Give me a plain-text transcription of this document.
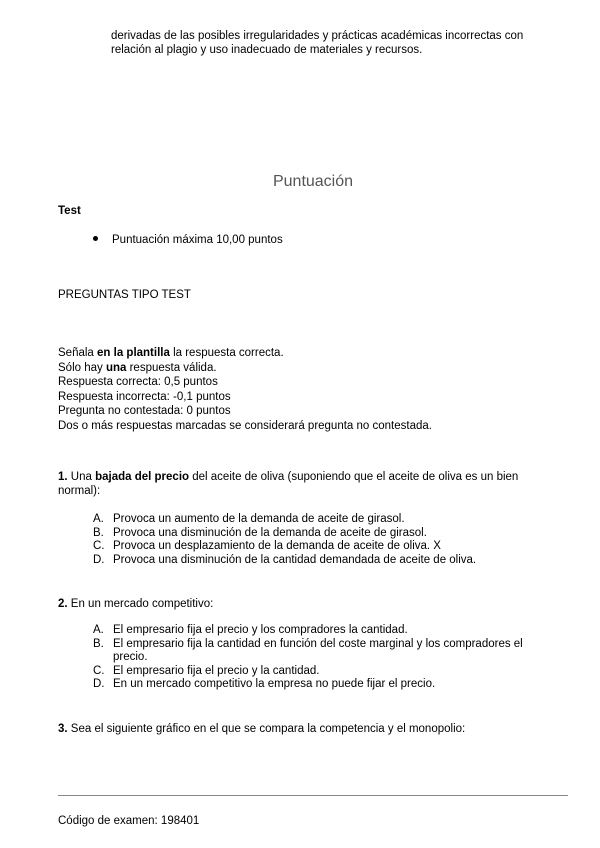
derivadas de las posibles irregularidades y prácticas académicas incorrectas con relación al plagio y uso inadecuado de materiales y recursos.
Puntuación
Test
Puntuación máxima 10,00 puntos
PREGUNTAS TIPO TEST

Señala en la plantilla la respuesta correcta.

Sólo hay una respuesta válida.

Respuesta correcta: 0,5 puntos

Respuesta incorrecta: -0,1 puntos

Pregunta no contestada: 0 puntos

Dos o más respuestas marcadas se considerará pregunta no contestada.

1. Una bajada del precio del aceite de oliva (suponiendo que el aceite de oliva es un bien normal):
A. Provoca un aumento de la demanda de aceite de girasol.
B. Provoca una disminución de la demanda de aceite de girasol.
C. Provoca un desplazamiento de la demanda de aceite de oliva. X
D. Provoca una disminución de la cantidad demandada de aceite de oliva.
2. En un mercado competitivo:
A. El empresario fija el precio y los compradores la cantidad.
B. El empresario fija la cantidad en función del coste marginal y los compradores el precio.
C. El empresario fija el precio y la cantidad.
D. En un mercado competitivo la empresa no puede fijar el precio.
3. Sea el siguiente gráfico en el que se compara la competencia y el monopolio:
Código de examen: 198401
